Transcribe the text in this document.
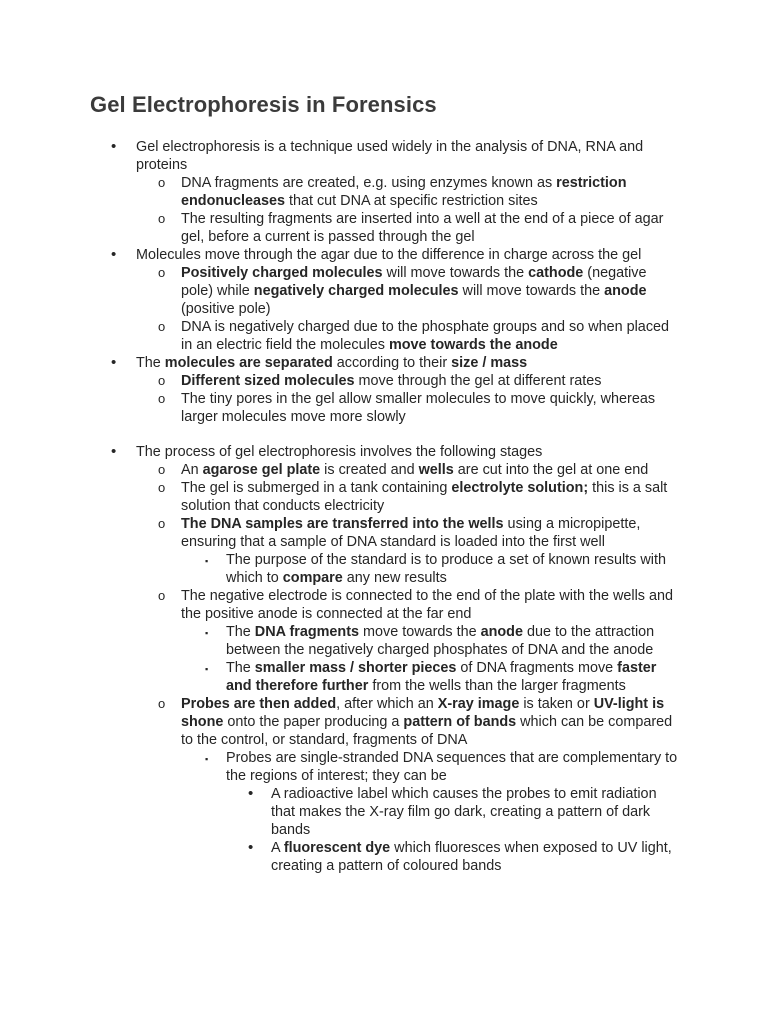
Gel Electrophoresis in Forensics
• Gel electrophoresis is a technique used widely in the analysis of DNA, RNA and proteins
o DNA fragments are created, e.g. using enzymes known as restriction endonucleases that cut DNA at specific restriction sites
o The resulting fragments are inserted into a well at the end of a piece of agar gel, before a current is passed through the gel
• Molecules move through the agar due to the difference in charge across the gel
o Positively charged molecules will move towards the cathode (negative pole) while negatively charged molecules will move towards the anode (positive pole)
o DNA is negatively charged due to the phosphate groups and so when placed in an electric field the molecules move towards the anode
• The molecules are separated according to their size / mass
o Different sized molecules move through the gel at different rates
o The tiny pores in the gel allow smaller molecules to move quickly, whereas larger molecules move more slowly
• The process of gel electrophoresis involves the following stages
o An agarose gel plate is created and wells are cut into the gel at one end
o The gel is submerged in a tank containing electrolyte solution; this is a salt solution that conducts electricity
o The DNA samples are transferred into the wells using a micropipette, ensuring that a sample of DNA standard is loaded into the first well
▪ The purpose of the standard is to produce a set of known results with which to compare any new results
o The negative electrode is connected to the end of the plate with the wells and the positive anode is connected at the far end
▪ The DNA fragments move towards the anode due to the attraction between the negatively charged phosphates of DNA and the anode
▪ The smaller mass / shorter pieces of DNA fragments move faster and therefore further from the wells than the larger fragments
o Probes are then added, after which an X-ray image is taken or UV-light is shone onto the paper producing a pattern of bands which can be compared to the control, or standard, fragments of DNA
▪ Probes are single-stranded DNA sequences that are complementary to the regions of interest; they can be
• A radioactive label which causes the probes to emit radiation that makes the X-ray film go dark, creating a pattern of dark bands
• A fluorescent dye which fluoresces when exposed to UV light, creating a pattern of coloured bands
